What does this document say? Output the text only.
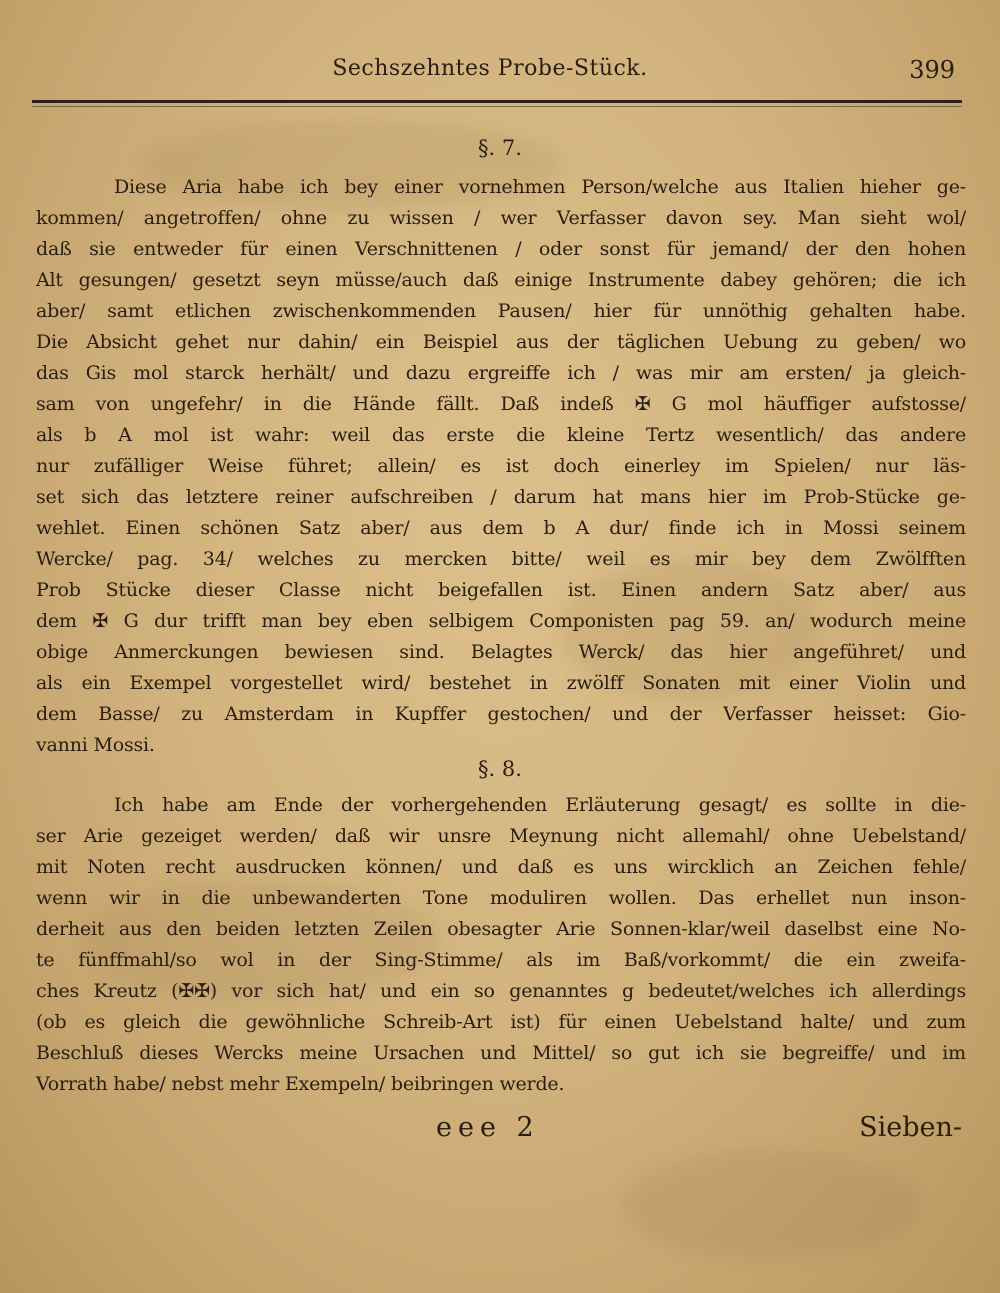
Sechszehntes Probe-Stück.	399
§. 7.
Diese Aria habe ich bey einer vornehmen Person/welche aus Italien hieher ge-
kommen/ angetroffen/ ohne zu wissen / wer Verfasser davon sey. Man sieht wol/
daß sie entweder für einen Verschnittenen / oder sonst für jemand/ der den hohen
Alt gesungen/ gesetzt seyn müsse/auch daß einige Instrumente dabey gehören; die ich
aber/ samt etlichen zwischenkommenden Pausen/ hier für unnöthig gehalten habe.
Die Absicht gehet nur dahin/ ein Beispiel aus der täglichen Uebung zu geben/ wo
das Gis mol starck herhält/ und dazu ergreiffe ich / was mir am ersten/ ja gleich-
sam von ungefehr/ in die Hände fällt. Daß indeß ✠ G mol häuffiger aufstosse/
als b A mol ist wahr: weil das erste die kleine Tertz wesentlich/ das andere
nur zufälliger Weise führet; allein/ es ist doch einerley im Spielen/ nur läs-
set sich das letztere reiner aufschreiben / darum hat mans hier im Prob-Stücke ge-
wehlet. Einen schönen Satz aber/ aus dem b A dur/ finde ich in Mossi seinem
Wercke/ pag. 34/ welches zu mercken bitte/ weil es mir bey dem Zwölfften
Prob Stücke dieser Classe nicht beigefallen ist. Einen andern Satz aber/ aus
dem ✠ G dur trifft man bey eben selbigem Componisten pag 59. an/ wodurch meine
obige Anmerckungen bewiesen sind. Belagtes Werck/ das hier angeführet/ und
als ein Exempel vorgestellet wird/ bestehet in zwölff Sonaten mit einer Violin und
dem Basse/ zu Amsterdam in Kupffer gestochen/ und der Verfasser heisset: Gio-
vanni Mossi.
§. 8.
Ich habe am Ende der vorhergehenden Erläuterung gesagt/ es sollte in die-
ser Arie gezeiget werden/ daß wir unsre Meynung nicht allemahl/ ohne Uebelstand/
mit Noten recht ausdrucken können/ und daß es uns wircklich an Zeichen fehle/
wenn wir in die unbewanderten Tone moduliren wollen. Das erhellet nun inson-
derheit aus den beiden letzten Zeilen obesagter Arie Sonnen-klar/weil daselbst eine No-
te fünffmahl/so wol in der Sing-Stimme/ als im Baß/vorkommt/ die ein zweifa-
ches Kreutz (✠✠) vor sich hat/ und ein so genanntes g bedeutet/welches ich allerdings
(ob es gleich die gewöhnliche Schreib-Art ist) für einen Uebelstand halte/ und zum
Beschluß dieses Wercks meine Ursachen und Mittel/ so gut ich sie begreiffe/ und im
Vorrath habe/ nebst mehr Exempeln/ beibringen werde.
eee 2	Sieben-
